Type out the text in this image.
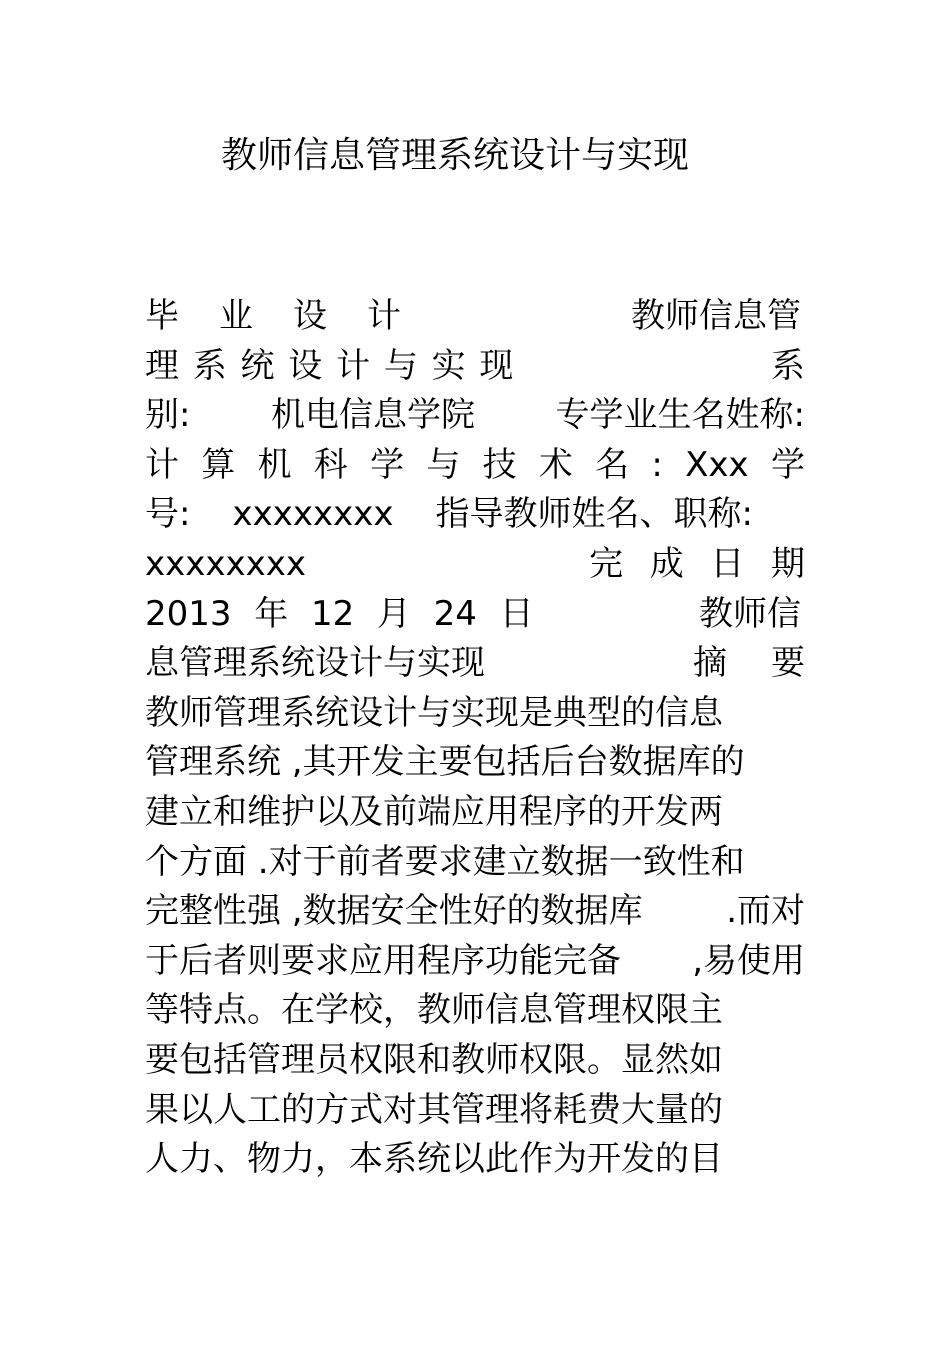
教师信息管理系统设计与实现
毕 业 设 计	教师信息管
理 系 统 设 计 与 实 现	系
别: 机电信息学院 专学业生名姓称:
计 算 机 科 学 与 技 术 名 : Xxx 学
号: xxxxxxxx 指导教师姓名、职称:
xxxxxxxx	完 成 日 期
2013 年 12 月 24 日	教师信
息管理系统设计与实现	摘 要
教师管理系统设计与实现是典型的信息
管理系统 ,其开发主要包括后台数据库的
建立和维护以及前端应用程序的开发两
个方面 .对于前者要求建立数据一致性和
完整性强 ,数据安全性好的数据库 .而对
于后者则要求应用程序功能完备 ,易使用
等特点。在学校，教师信息管理权限主
要包括管理员权限和教师权限。显然如
果以人工的方式对其管理将耗费大量的
人力、物力，本系统以此作为开发的目
